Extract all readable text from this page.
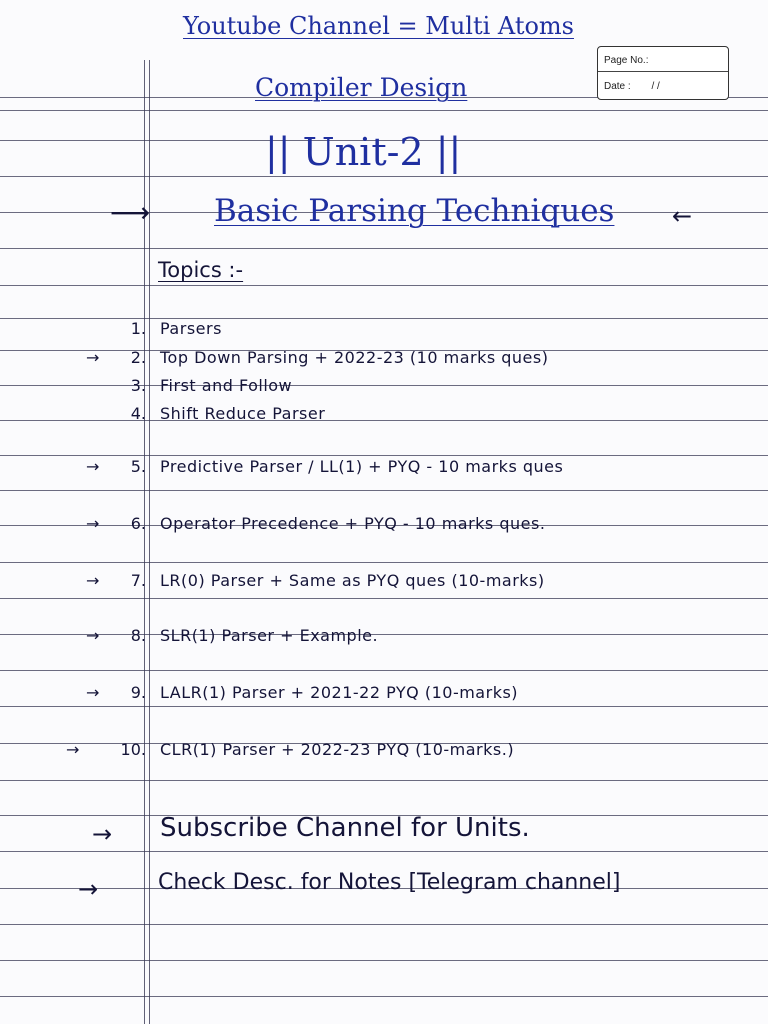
Page No.:
Date : / /
Youtube Channel = Multi Atoms
Compiler Design
|| Unit-2 ||
⟶ Basic Parsing Techniques ←
Topics :-
1. Parsers
→	2. Top Down Parsing + 2022-23 (10 marks ques)
3. First and Follow
4. Shift Reduce Parser
→	5. Predictive Parser / LL(1) + PYQ - 10 marks ques
→	6. Operator Precedence + PYQ - 10 marks ques.
→	7. LR(0) Parser + Same as PYQ ques (10-marks)
→	8. SLR(1) Parser + Example.
→	9. LALR(1) Parser + 2021-22 PYQ (10-marks)
→	10. CLR(1) Parser + 2022-23 PYQ (10-marks.)
→ Subscribe Channel for Units.
→	Check Desc. for Notes [Telegram channel]
